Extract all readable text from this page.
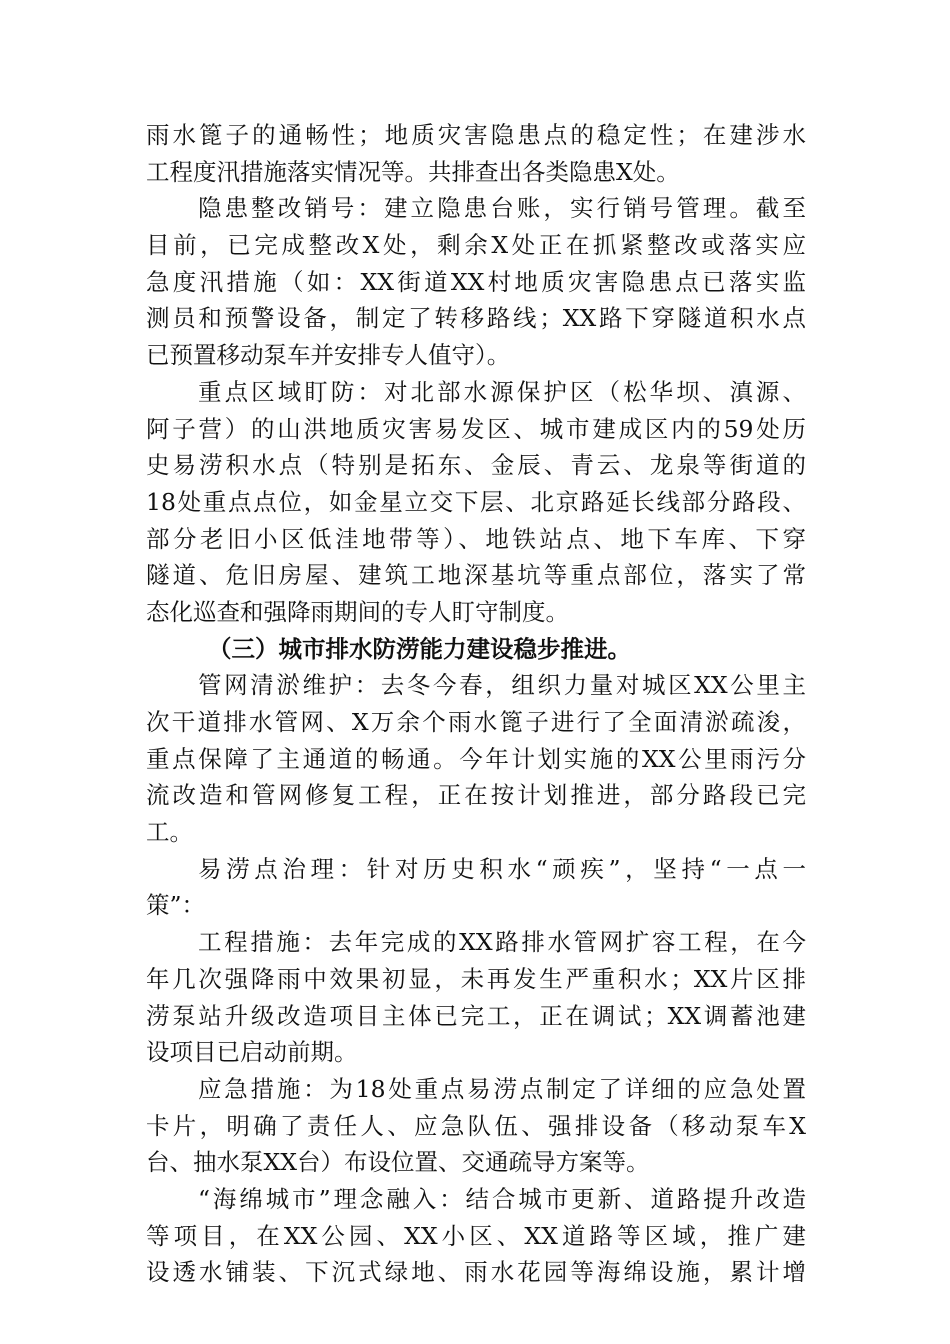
雨水篦子的通畅性；地质灾害隐患点的稳定性；在建涉水
工程度汛措施落实情况等。共排查出各类隐患X处。
隐患整改销号：建立隐患台账，实行销号管理。截至
目前，已完成整改X处，剩余X处正在抓紧整改或落实应
急度汛措施（如：XX街道XX村地质灾害隐患点已落实监
测员和预警设备，制定了转移路线；XX路下穿隧道积水点
已预置移动泵车并安排专人值守）。
重点区域盯防：对北部水源保护区（松华坝、滇源、
阿子营）的山洪地质灾害易发区、城市建成区内的59处历
史易涝积水点（特别是拓东、金辰、青云、龙泉等街道的
18处重点点位，如金星立交下层、北京路延长线部分路段、
部分老旧小区低洼地带等）、地铁站点、地下车库、下穿
隧道、危旧房屋、建筑工地深基坑等重点部位，落实了常
态化巡查和强降雨期间的专人盯守制度。
（三）城市排水防涝能力建设稳步推进。
管网清淤维护：去冬今春，组织力量对城区XX公里主
次干道排水管网、X万余个雨水篦子进行了全面清淤疏浚，
重点保障了主通道的畅通。今年计划实施的XX公里雨污分
流改造和管网修复工程，正在按计划推进，部分路段已完
工。
易涝点治理：针对历史积水“顽疾”，坚持“一点一
策”：
工程措施：去年完成的XX路排水管网扩容工程，在今
年几次强降雨中效果初显，未再发生严重积水；XX片区排
涝泵站升级改造项目主体已完工，正在调试；XX调蓄池建
设项目已启动前期。
应急措施：为18处重点易涝点制定了详细的应急处置
卡片，明确了责任人、应急队伍、强排设备（移动泵车X
台、抽水泵XX台）布设位置、交通疏导方案等。
“海绵城市”理念融入：结合城市更新、道路提升改造
等项目，在XX公园、XX小区、XX道路等区域，推广建
设透水铺装、下沉式绿地、雨水花园等海绵设施，累计增
